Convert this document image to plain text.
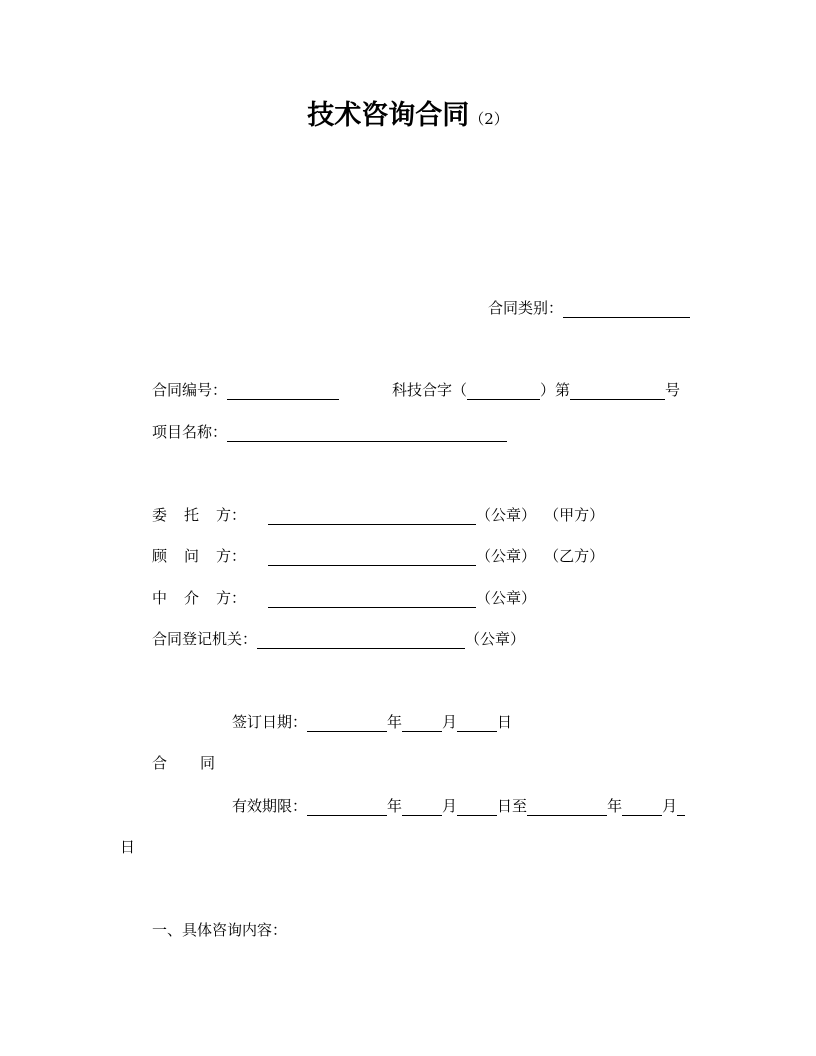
技术咨询合同（2）
合同类别：
合同编号：	科技合字（	）第	号
项目名称：
委 托 方：	（公章） （甲方）
顾 问 方：	（公章） （乙方）
中 介 方：	（公章）
合同登记机关：	（公章）
签订日期：	年	月	日
合 同
有效期限：	年	月	日至	年	月
日
一、具体咨询内容：
